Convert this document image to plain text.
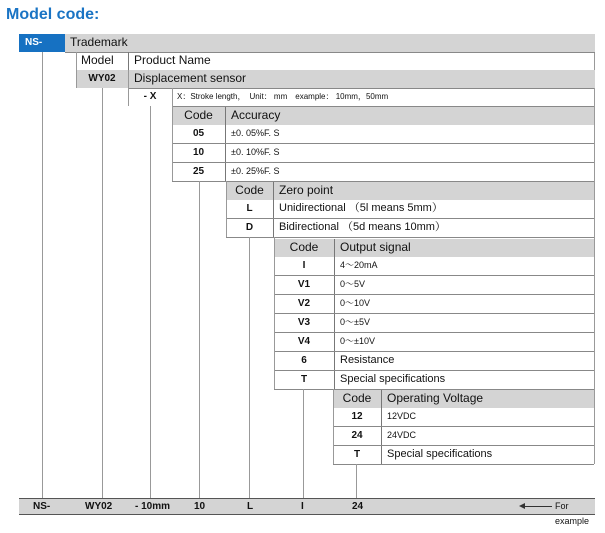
Model code:
NS-	Trademark
Model	Product Name
WY02	Displacement sensor
- X	X：Stroke length，　Unit： mm　example： 10mm，50mm
Code	Accuracy
05	±0. 05%F. S
10	±0. 10%F. S
25	±0. 25%F. S
Code	Zero point
L	Unidirectional （5l means 5mm）
D	Bidirectional （5d means 10mm）
Code	Output signal
I	4～20mA
V1	0～5V
V2	0～10V
V3	0～±5V
V4	0～±10V
6	Resistance
T	Special specifications
Code	Operating Voltage
12	12VDC
24	24VDC
T	Special specifications
NS-	WY02 - 10mm 10	L	I	24	For example
